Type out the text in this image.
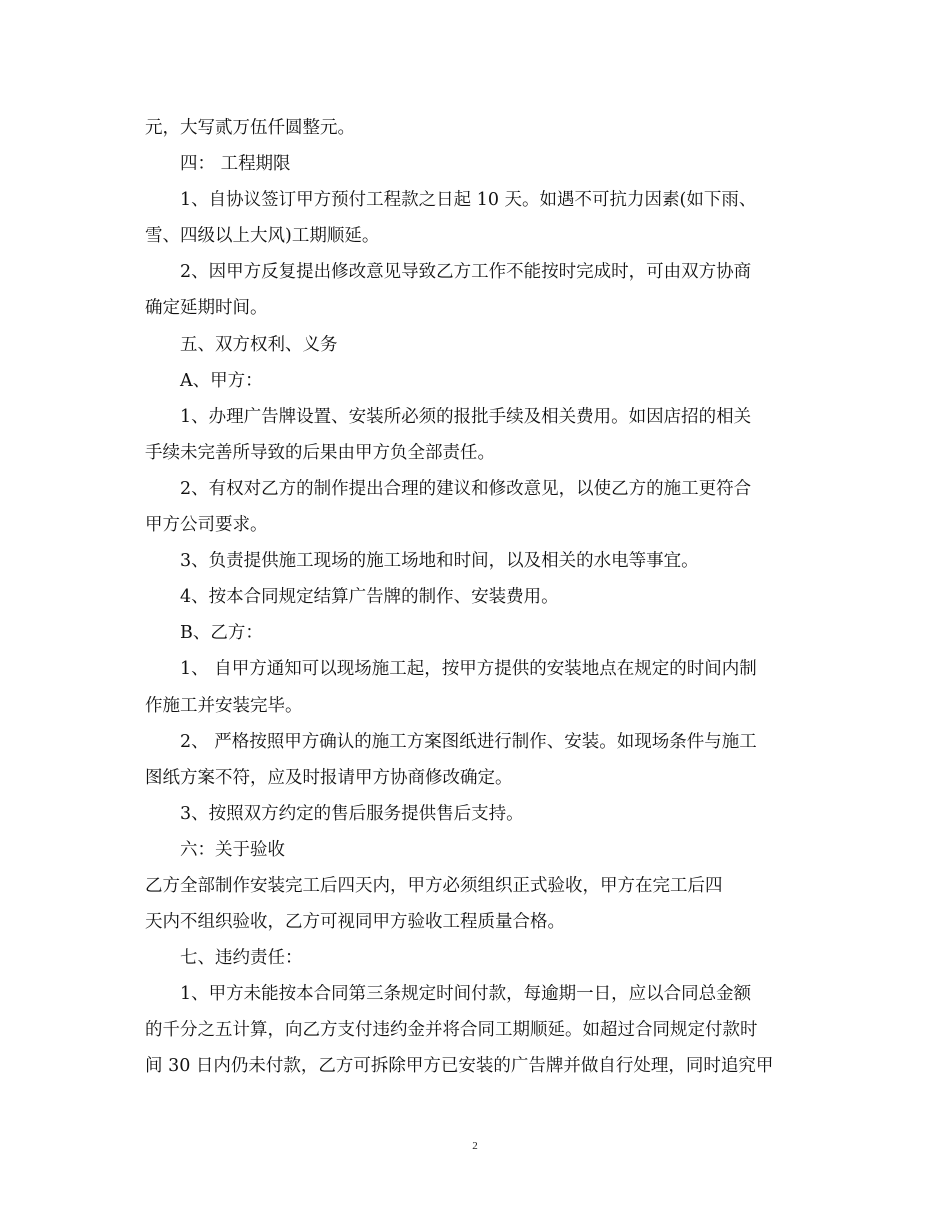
元，大写贰万伍仟圆整元。
四： 工程期限
1、自协议签订甲方预付工程款之日起 10 天。如遇不可抗力因素(如下雨、
雪、四级以上大风)工期顺延。
2、因甲方反复提出修改意见导致乙方工作不能按时完成时，可由双方协商
确定延期时间。
五、双方权利、义务
A、甲方：
1、办理广告牌设置、安装所必须的报批手续及相关费用。如因店招的相关
手续未完善所导致的后果由甲方负全部责任。
2、有权对乙方的制作提出合理的建议和修改意见，以使乙方的施工更符合
甲方公司要求。
3、负责提供施工现场的施工场地和时间，以及相关的水电等事宜。
4、按本合同规定结算广告牌的制作、安装费用。
B、乙方：
1、 自甲方通知可以现场施工起，按甲方提供的安装地点在规定的时间内制
作施工并安装完毕。
2、 严格按照甲方确认的施工方案图纸进行制作、安装。如现场条件与施工
图纸方案不符，应及时报请甲方协商修改确定。
3、按照双方约定的售后服务提供售后支持。
六：关于验收
乙方全部制作安装完工后四天内，甲方必须组织正式验收，甲方在完工后四
天内不组织验收，乙方可视同甲方验收工程质量合格。
七、违约责任：
1、甲方未能按本合同第三条规定时间付款，每逾期一日，应以合同总金额
的千分之五计算，向乙方支付违约金并将合同工期顺延。如超过合同规定付款时
间 30 日内仍未付款，乙方可拆除甲方已安装的广告牌并做自行处理，同时追究甲
2
